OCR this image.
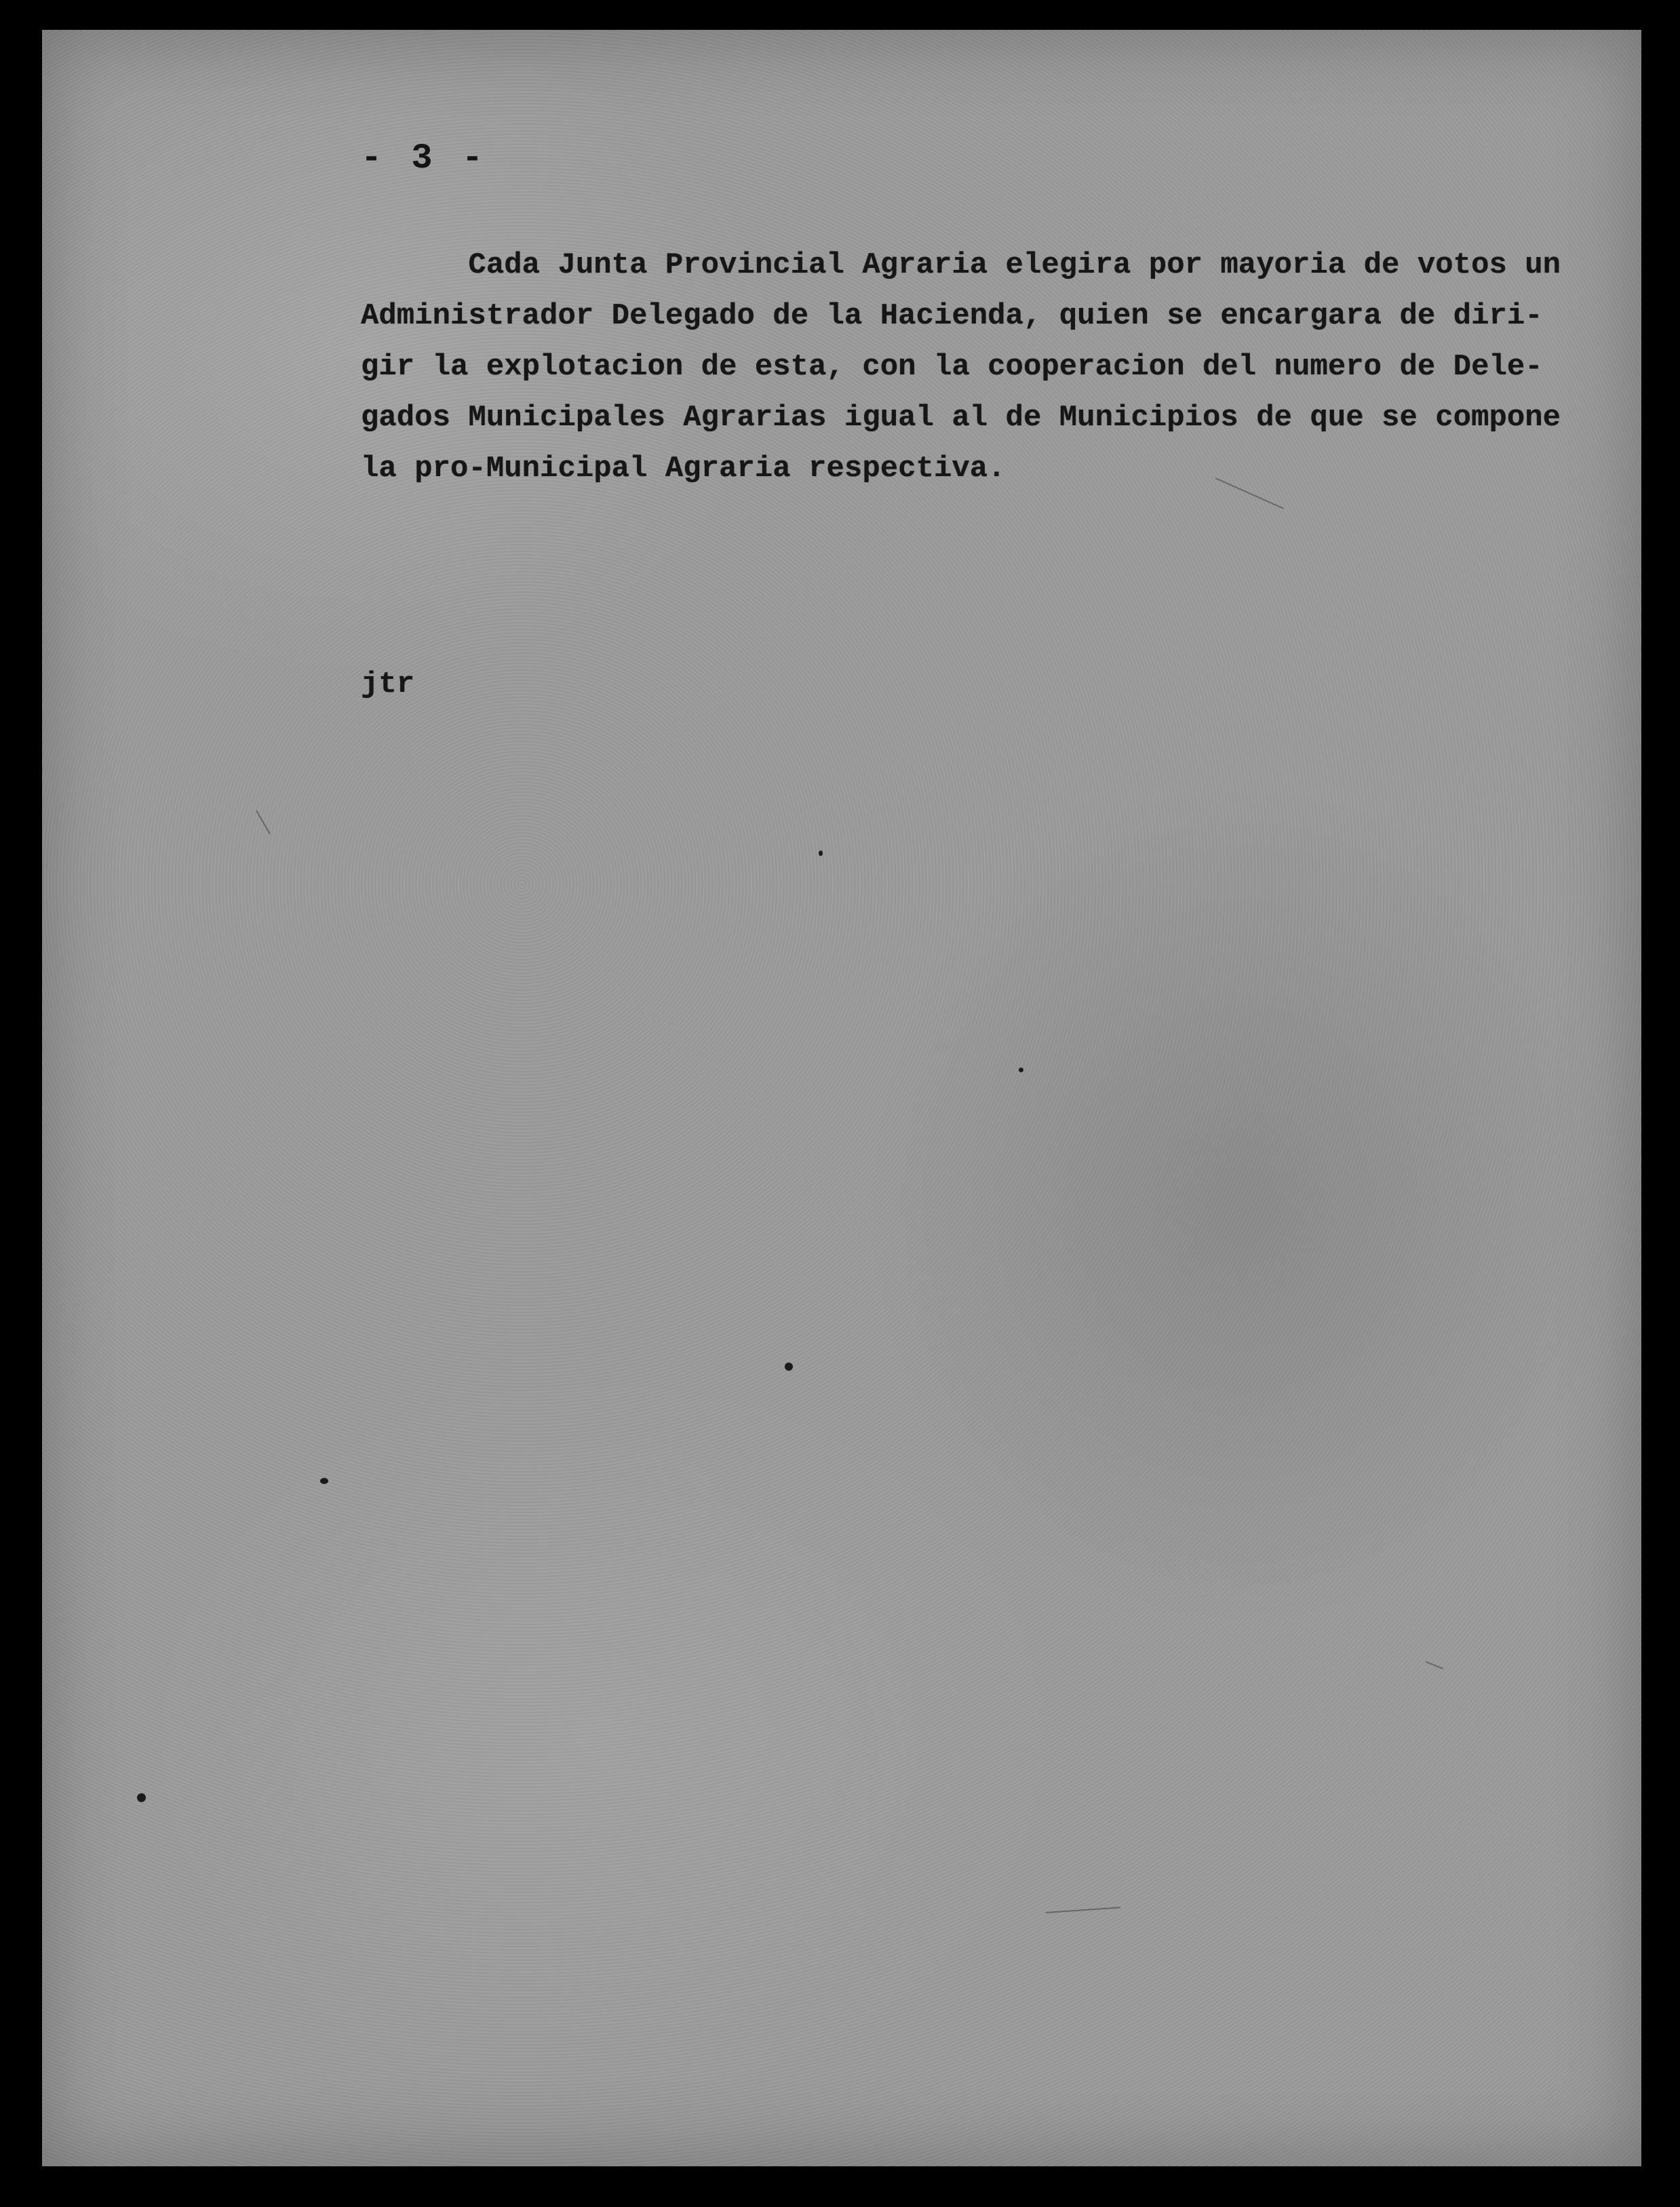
- 3 -
Cada Junta Provincial Agraria elegira por mayoria de votos un
Administrador Delegado de la Hacienda, quien se encargara de diri-
gir la explotacion de esta, con la cooperacion del numero de Dele-
gados Municipales Agrarias igual al de Municipios de que se compone
la pro-Municipal Agraria respectiva.
jtr
